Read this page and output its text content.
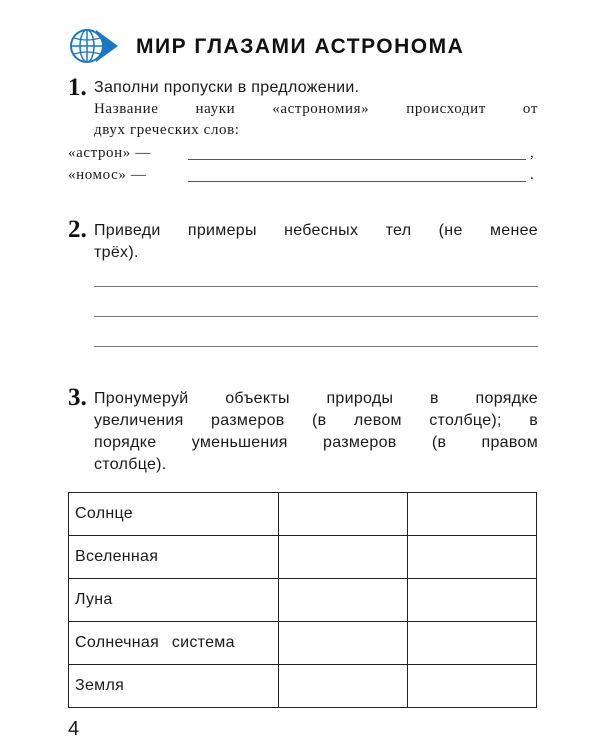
МИР ГЛАЗАМИ АСТРОНОМА
1. Заполни пропуски в предложении.
Название науки «астрономия» происходит от
двух греческих слов:
«астрон» —	,
«номос» —	.
2. Приведи примеры небесных тел (не менее
трёх).
3. Пронумеруй объекты природы в порядке
увеличения размеров (в левом столбце); в
порядке уменьшения размеров (в правом
столбце).
Солнце		
Вселенная		
Луна		
Солнечная система		
Земля		
4
